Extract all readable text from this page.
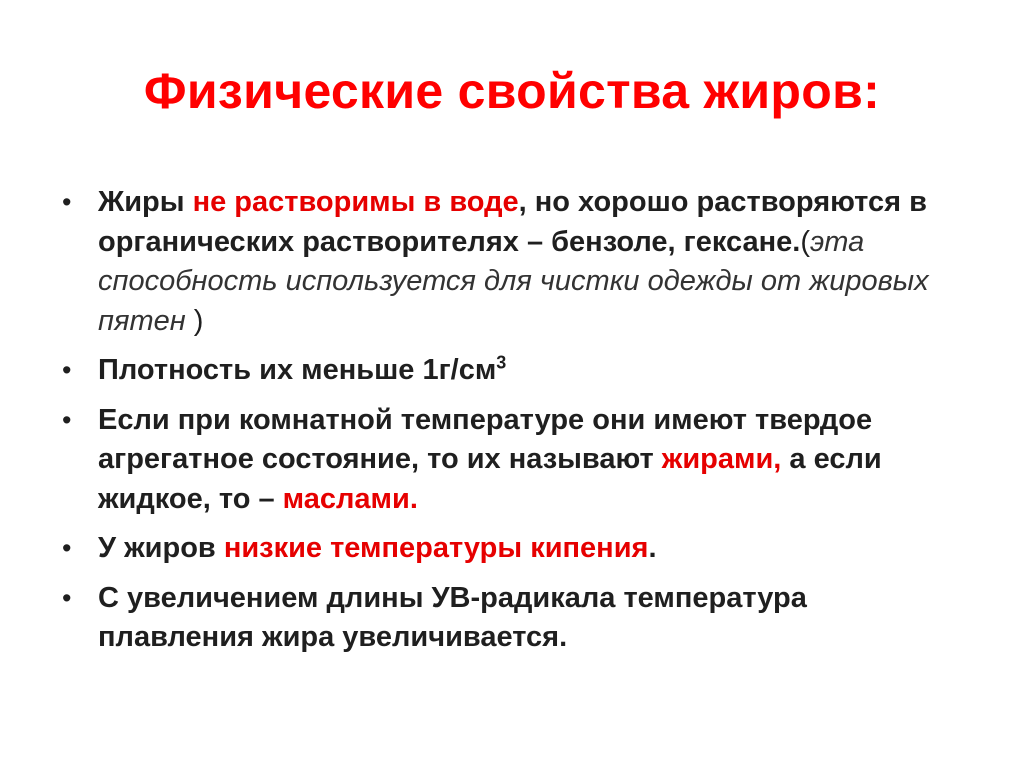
Физические свойства жиров:
• Жиры не растворимы в воде, но хорошо растворяются в органических растворителях – бензоле, гексане.(эта способность используется для чистки одежды от жировых пятен )
• Плотность их меньше $1г/см^3$
• Если при комнатной температуре они имеют твердое агрегатное состояние, то их называют жирами, а если жидкое, то – маслами.
• У жиров низкие температуры кипения.
• С увеличением длины УВ-радикала температура плавления жира увеличивается.
